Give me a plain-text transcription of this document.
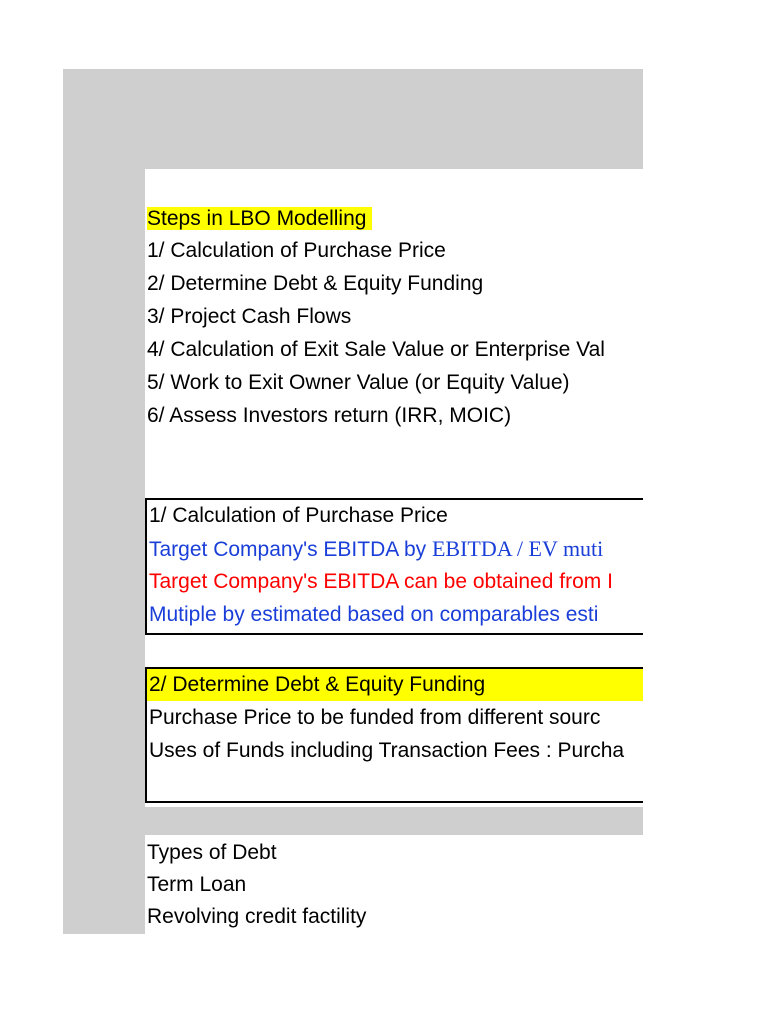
Steps in LBO Modelling
1/ Calculation of Purchase Price
2/ Determine Debt & Equity Funding
3/ Project Cash Flows
4/ Calculation of Exit Sale Value or Enterprise Val
5/ Work to Exit Owner Value (or Equity Value)
6/ Assess Investors return (IRR, MOIC)
1/ Calculation of Purchase Price
Target Company's EBITDA by EBITDA / EV muti
Target Company's EBITDA can be obtained from I
Mutiple by estimated based on comparables esti
2/ Determine Debt & Equity Funding
Purchase Price to be funded from different sourc
Uses of Funds including Transaction Fees : Purcha
Types of Debt
Term Loan
Revolving credit factility
